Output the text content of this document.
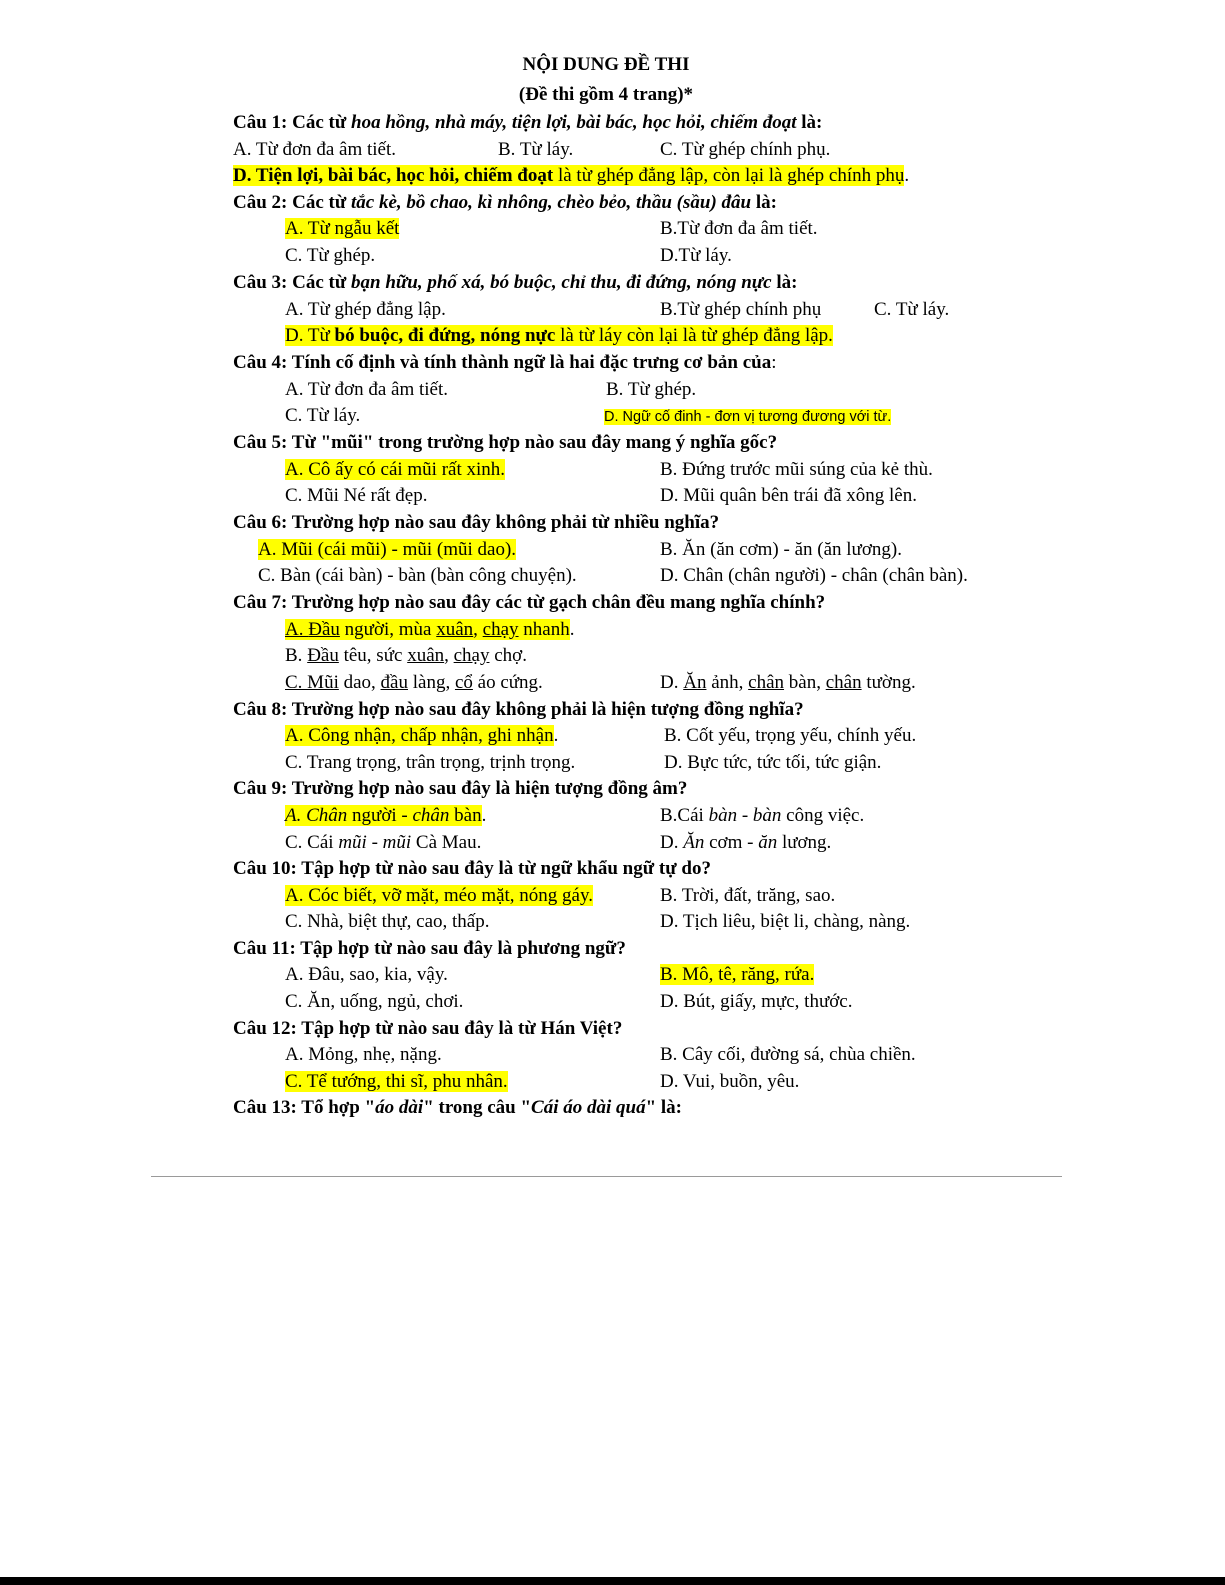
NỘI DUNG ĐỀ THI
(Đề thi gồm 4 trang)*
Câu 1: Các từ hoa hồng, nhà máy, tiện lợi, bài bác, học hỏi, chiếm đoạt là:
A. Từ đơn đa âm tiết.	B. Từ láy.	C. Từ ghép chính phụ.
D. Tiện lợi, bài bác, học hỏi, chiếm đoạt là từ ghép đẳng lập, còn lại là ghép chính phụ.
Câu 2: Các từ tắc kè, bồ chao, kì nhông, chèo bẻo, thầu (sầu) đâu là:
A. Từ ngẫu kết	B.Từ đơn đa âm tiết.
C. Từ ghép.	D.Từ láy.
Câu 3: Các từ bạn hữu, phố xá, bó buộc, chỉ thu, đi đứng, nóng nực là:
A. Từ ghép đẳng lập.	B.Từ ghép chính phụ	C. Từ láy.
D. Từ bó buộc, đi đứng, nóng nực là từ láy còn lại là từ ghép đẳng lập.
Câu 4: Tính cố định và tính thành ngữ là hai đặc trưng cơ bản của:
A. Từ đơn đa âm tiết.	B. Từ ghép.
C. Từ láy.	D. Ngữ cố đinh - đơn vị tương đương với từ.
Câu 5: Từ "mũi" trong trường hợp nào sau đây mang ý nghĩa gốc?
A. Cô ấy có cái mũi rất xinh.	B. Đứng trước mũi súng của kẻ thù.
C. Mũi Né rất đẹp.	D. Mũi quân bên trái đã xông lên.
Câu 6: Trường hợp nào sau đây không phải từ nhiều nghĩa?
A. Mũi (cái mũi) - mũi (mũi dao).	B. Ăn (ăn cơm) - ăn (ăn lương).
C. Bàn (cái bàn) - bàn (bàn công chuyện).	D. Chân (chân người) - chân (chân bàn).
Câu 7: Trường hợp nào sau đây các từ gạch chân đều mang nghĩa chính?
A. Đầu người, mùa xuân, chạy nhanh.
B. Đầu têu, sức xuân, chạy chợ.
C. Mũi dao, đầu làng, cổ áo cứng.	D. Ăn ảnh, chân bàn, chân tường.
Câu 8: Trường hợp nào sau đây không phải là hiện tượng đồng nghĩa?
A. Công nhận, chấp nhận, ghi nhận.	B. Cốt yếu, trọng yếu, chính yếu.
C. Trang trọng, trân trọng, trịnh trọng.	D. Bực tức, tức tối, tức giận.
Câu 9: Trường hợp nào sau đây là hiện tượng đồng âm?
A. Chân người - chân bàn.	B.Cái bàn - bàn công việc.
C. Cái mũi - mũi Cà Mau.	D. Ăn cơm - ăn lương.
Câu 10: Tập hợp từ nào sau đây là từ ngữ khẩu ngữ tự do?
A. Cóc biết, vỡ mặt, méo mặt, nóng gáy.	B. Trời, đất, trăng, sao.
C. Nhà, biệt thự, cao, thấp.	D. Tịch liêu, biệt li, chàng, nàng.
Câu 11: Tập hợp từ nào sau đây là phương ngữ?
A. Đâu, sao, kia, vậy.	B. Mô, tê, răng, rứa.
C. Ăn, uống, ngủ, chơi.	D. Bút, giấy, mực, thước.
Câu 12: Tập hợp từ nào sau đây là từ Hán Việt?
A. Mỏng, nhẹ, nặng.	B. Cây cối, đường sá, chùa chiền.
C. Tể tướng, thi sĩ, phu nhân.	D. Vui, buồn, yêu.
Câu 13: Tổ hợp "áo dài" trong câu "Cái áo dài quá" là:
